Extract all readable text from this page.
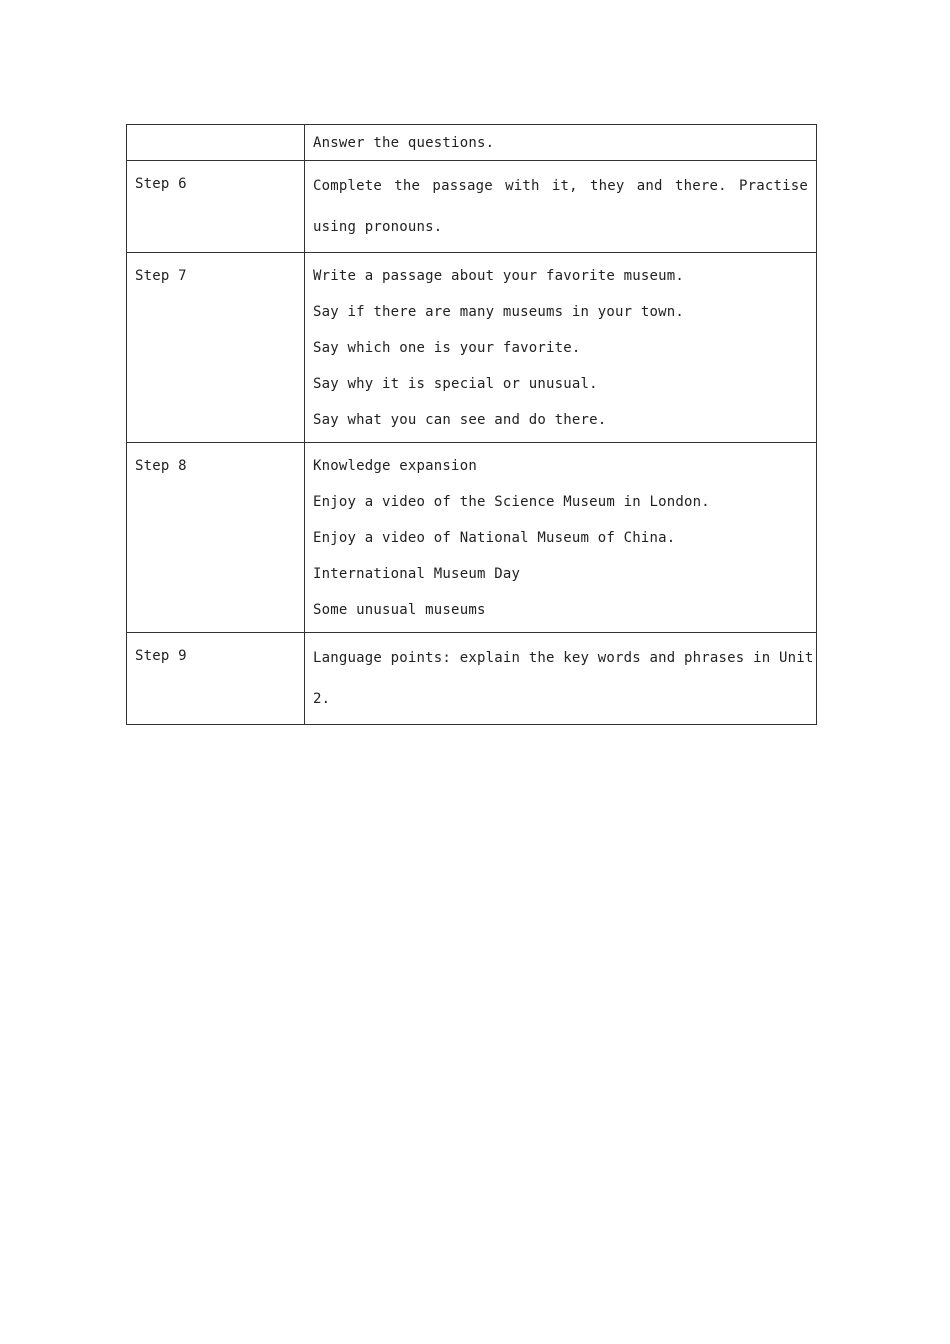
	Answer the questions.

Step 6	Complete the passage with it, they and there. Practise
using pronouns.

Step 7	Write a passage about your favorite museum.
Say if there are many museums in your town.
Say which one is your favorite.
Say why it is special or unusual.
Say what you can see and do there.

Step 8	Knowledge expansion
Enjoy a video of the Science Museum in London.
Enjoy a video of National Museum of China.
International Museum Day
Some unusual museums

Step 9	Language points: explain the key words and phrases in Unit
2.
